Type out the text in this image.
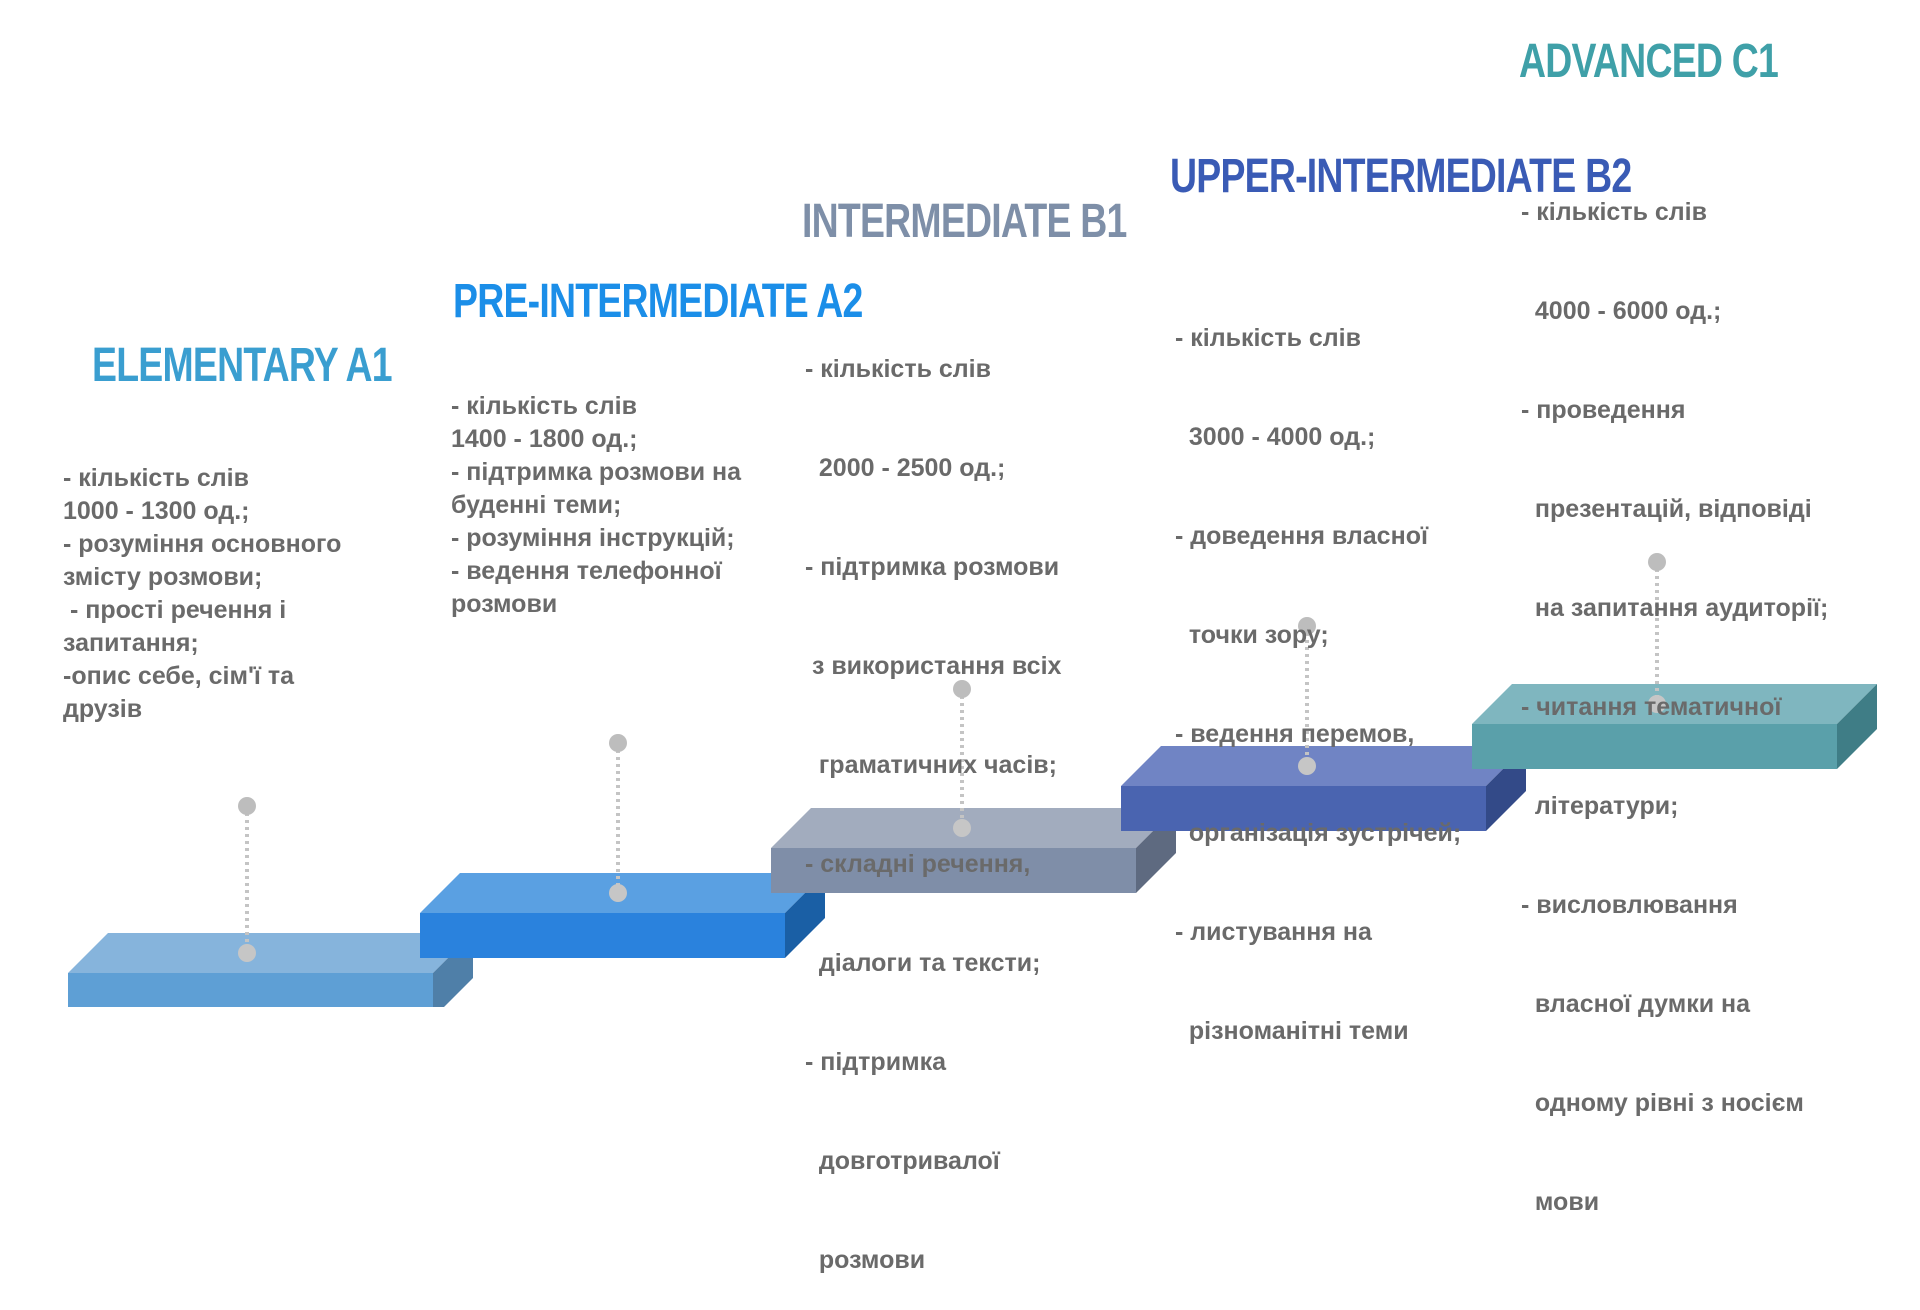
ELEMENTARY A1
- кількість слів
1000 - 1300 од.;
- розуміння основного
змісту розмови;
- прості речення і
запитання;
-опис себе, сім'ї та
друзів
PRE-INTERMEDIATE A2
- кількість слів
1400 - 1800 од.;
- підтримка розмови на
буденні теми;
- розуміння інструкцій;
- ведення телефонної
розмови
INTERMEDIATE B1

- кількість слів

2000 - 2500 од.;

- підтримка розмови

з використання всіх

граматичних часів;

- складні речення,

діалоги та тексти;

- підтримка

довготривалої

розмови

UPPER-INTERMEDIATE B2

- кількість слів

3000 - 4000 од.;

- доведення власної

точки зору;

- ведення перемов,

організація зустрічей;

- листування на

різноманітні теми

ADVANCED C1

- кількість слів

4000 - 6000 од.;

- проведення

презентацій, відповіді

на запитання аудиторії;

- читання тематичної

літератури;

- висловлювання

власної думки на

одному рівні з носієм

мови
